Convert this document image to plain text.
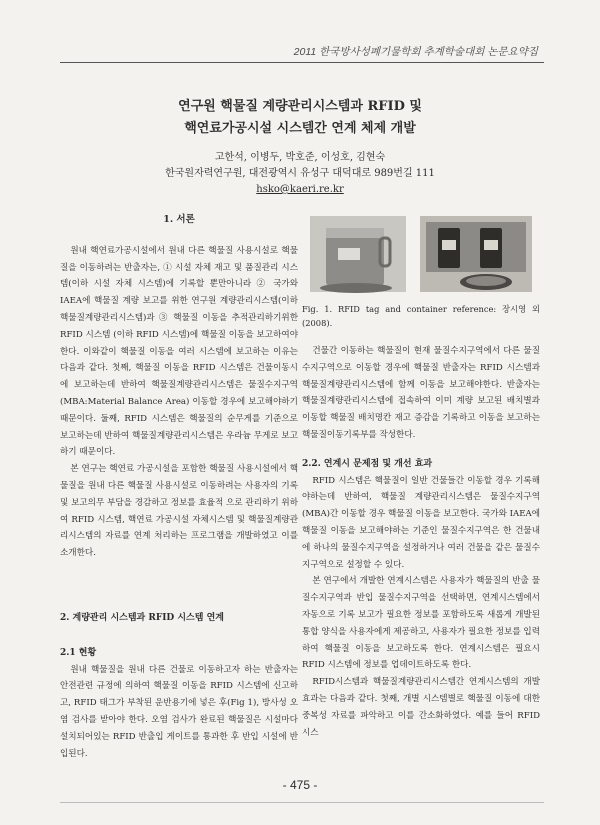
2011 한국방사성폐기물학회 추계학술대회 논문요약집

연구원 핵물질 계량관리시스템과 RFID 및

핵연료가공시설 시스템간 연계 체제 개발

고한석, 이병두, 박호준, 이성호, 김현숙
한국원자력연구원, 대전광역시 유성구 대덕대로 989번길 111
hsko@kaeri.re.kr
1. 서론

원내 핵연료가공시설에서 원내 다른 핵물질 사용시설로 핵물질을 이동하려는 반출자는, ① 시설 자체 재고 및 품질관리 시스템(이하 시설 자체 시스템)에 기록할 뿐만아니라 ② 국가와 IAEA에 핵물질 계량 보고를 위한 연구원 계량관리시스템(이하 핵물질계량관리시스템)과 ③ 핵물질 이동을 추적관리하기위한 RFID 시스템 (이하 RFID 시스템)에 핵물질 이동을 보고하여야한다. 이와같이 핵물질 이동을 여러 시스템에 보고하는 이유는 다음과 같다. 첫째, 핵물질 이동을 RFID 시스템은 건물이동시에 보고하는데 반하여 핵물질계량관리시스템은 물질수지구역 (MBA:Material Balance Area) 이동할 경우에 보고해야하기 때문이다. 둘째, RFID 시스템은 핵물질의 순무게를 기준으로 보고하는데 반하여 핵물질계량관리시스템은 우라늄 무게로 보고하기 때문이다.

본 연구는 핵연료 가공시설을 포함한 핵물질 사용시설에서 핵물질을 원내 다른 핵물질 사용시설로 이동하려는 사용자의 기록 및 보고의무 부담을 경감하고 정보를 효율적 으로 관리하기 위하여 RFID 시스템, 핵연료 가공시설 자체시스템 및 핵물질계량관리시스템의 자료를 연계 처리하는 프로그램을 개발하였고 이를 소개한다.

2. 계량관리 시스템과 RFID 시스템 연계
2.1 현황

원내 핵물질을 원내 다른 건물로 이동하고자 하는 반출자는 안전관련 규정에 의하여 핵물질 이동을 RFID 시스템에 신고하고, RFID 태그가 부착된 운반용기에 넣은 후(Fig 1), 방사성 오염 검사를 받아야 한다. 오염 검사가 완료된 핵물질은 시설마다 설치되어있는 RFID 반출입 게이트를 통과한 후 반입 시설에 반입된다.

Fig. 1. RFID tag and container reference: 장시영 외 (2008).

건물간 이동하는 핵물질이 현재 물질수지구역에서 다른 물질수지구역으로 이동할 경우에 핵물질 반출자는 RFID 시스템과 핵물질계량관리시스템에 함께 이동을 보고해야한다. 반출자는 핵물질계량관리시스템에 접속하여 이미 계량 보고된 배치별과 이동할 핵물질 배치명칸 재고 증감을 기록하고 이동을 보고하는 핵물질이동기록부를 작성한다.

2.2. 연계시 문제점 및 개선 효과

RFID 시스템은 핵물질이 일반 건물들간 이동할 경우 기록해야하는데 반하여, 핵물질 계량관리시스템은 물질수지구역(MBA)간 이동할 경우 핵물질 이동을 보고한다. 국가와 IAEA에 핵물질 이동을 보고해야하는 기준인 물질수지구역은 한 건물내에 하나의 물질수지구역을 설정하거나 여러 건물을 같은 물질수지구역으로 설정할 수 있다.

본 연구에서 개발한 연계시스템은 사용자가 핵물질의 반출 물질수지구역과 반입 물질수지구역을 선택하면, 연계시스템에서 자동으로 기록 보고가 필요한 정보를 포함하도록 새롭게 개발된 통합 양식을 사용자에게 제공하고, 사용자가 필요한 정보를 입력하여 핵물질 이동을 보고하도록 한다. 연계시스템은 필요시 RFID 시스템에 정보를 업데이트하도록 한다.

RFID시스템과 핵물질계량관리시스템간 연계시스템의 개발 효과는 다음과 같다. 첫째, 개별 시스템별로 핵물질 이동에 대한 중복성 자료를 파악하고 이를 간소화하였다. 예를 들어 RFID 시스

- 475 -
